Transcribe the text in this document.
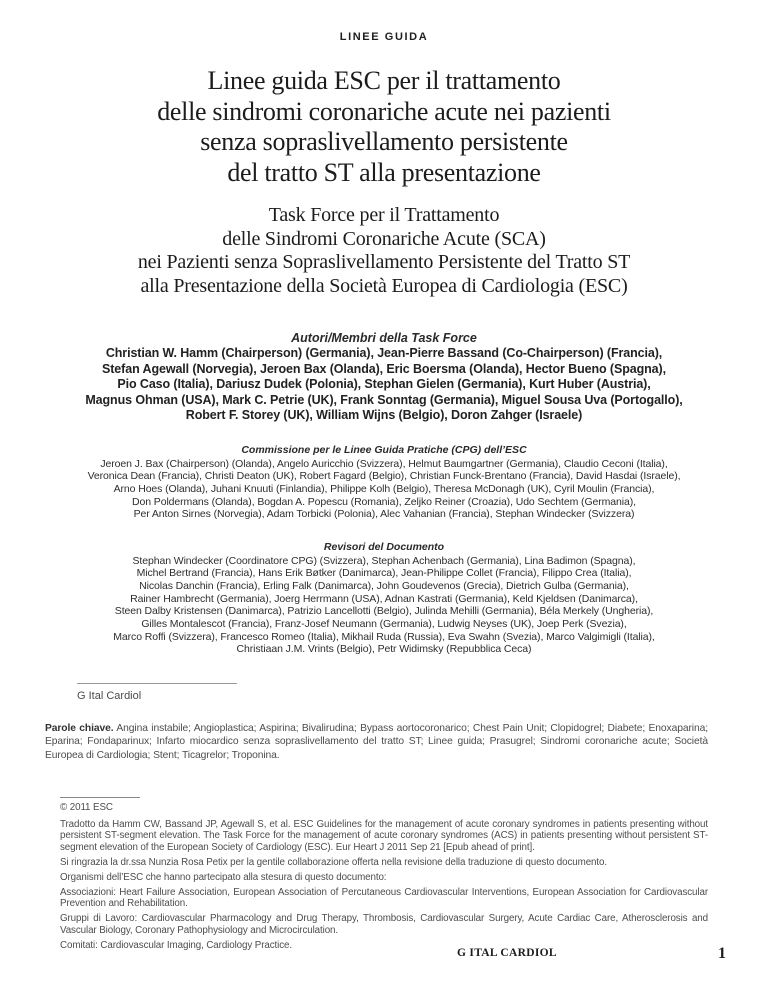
LINEE GUIDA
Linee guida ESC per il trattamento
delle sindromi coronariche acute nei pazienti
senza sopraslivellamento persistente
del tratto ST alla presentazione
Task Force per il Trattamento
delle Sindromi Coronariche Acute (SCA)
nei Pazienti senza Sopraslivellamento Persistente del Tratto ST
alla Presentazione della Società Europea di Cardiologia (ESC)
Autori/Membri della Task Force
Christian W. Hamm (Chairperson) (Germania), Jean-Pierre Bassand (Co-Chairperson) (Francia),
Stefan Agewall (Norvegia), Jeroen Bax (Olanda), Eric Boersma (Olanda), Hector Bueno (Spagna),
Pio Caso (Italia), Dariusz Dudek (Polonia), Stephan Gielen (Germania), Kurt Huber (Austria),
Magnus Ohman (USA), Mark C. Petrie (UK), Frank Sonntag (Germania), Miguel Sousa Uva (Portogallo),
Robert F. Storey (UK), William Wijns (Belgio), Doron Zahger (Israele)
Commissione per le Linee Guida Pratiche (CPG) dell’ESC
Jeroen J. Bax (Chairperson) (Olanda), Angelo Auricchio (Svizzera), Helmut Baumgartner (Germania), Claudio Ceconi (Italia),
Veronica Dean (Francia), Christi Deaton (UK), Robert Fagard (Belgio), Christian Funck-Brentano (Francia), David Hasdai (Israele),
Arno Hoes (Olanda), Juhani Knuuti (Finlandia), Philippe Kolh (Belgio), Theresa McDonagh (UK), Cyril Moulin (Francia),
Don Poldermans (Olanda), Bogdan A. Popescu (Romania), Zeljko Reiner (Croazia), Udo Sechtem (Germania),
Per Anton Sirnes (Norvegia), Adam Torbicki (Polonia), Alec Vahanian (Francia), Stephan Windecker (Svizzera)
Revisori del Documento
Stephan Windecker (Coordinatore CPG) (Svizzera), Stephan Achenbach (Germania), Lina Badimon (Spagna),
Michel Bertrand (Francia), Hans Erik Bøtker (Danimarca), Jean-Philippe Collet (Francia), Filippo Crea (Italia),
Nicolas Danchin (Francia), Erling Falk (Danimarca), John Goudevenos (Grecia), Dietrich Gulba (Germania),
Rainer Hambrecht (Germania), Joerg Herrmann (USA), Adnan Kastrati (Germania), Keld Kjeldsen (Danimarca),
Steen Dalby Kristensen (Danimarca), Patrizio Lancellotti (Belgio), Julinda Mehilli (Germania), Béla Merkely (Ungheria),
Gilles Montalescot (Francia), Franz-Josef Neumann (Germania), Ludwig Neyses (UK), Joep Perk (Svezia),
Marco Roffi (Svizzera), Francesco Romeo (Italia), Mikhail Ruda (Russia), Eva Swahn (Svezia), Marco Valgimigli (Italia),
Christiaan J.M. Vrints (Belgio), Petr Widimsky (Repubblica Ceca)
G Ital Cardiol

Parole chiave. Angina instabile; Angioplastica; Aspirina; Bivalirudina; Bypass aortocoronarico; Chest Pain Unit; Clopidogrel; Diabete; Enoxaparina; Eparina; Fondaparinux; Infarto miocardico senza sopraslivellamento del tratto ST; Linee guida; Prasugrel; Sindromi coronariche acute; Società Europea di Cardiologia; Stent; Ticagrelor; Troponina.

© 2011 ESC

Tradotto da Hamm CW, Bassand JP, Agewall S, et al. ESC Guidelines for the management of acute coronary syndromes in patients presenting without persistent ST-segment elevation. The Task Force for the management of acute coronary syndromes (ACS) in patients presenting without persistent ST-segment elevation of the European Society of Cardiology (ESC). Eur Heart J 2011 Sep 21 [Epub ahead of print].

Si ringrazia la dr.ssa Nunzia Rosa Petix per la gentile collaborazione offerta nella revisione della traduzione di questo documento.

Organismi dell’ESC che hanno partecipato alla stesura di questo documento:

Associazioni: Heart Failure Association, European Association of Percutaneous Cardiovascular Interventions, European Association for Cardiovascular Prevention and Rehabilitation.

Gruppi di Lavoro: Cardiovascular Pharmacology and Drug Therapy, Thrombosis, Cardiovascular Surgery, Acute Cardiac Care, Atherosclerosis and Vascular Biology, Coronary Pathophysiology and Microcirculation.

Comitati: Cardiovascular Imaging, Cardiology Practice.

G ITAL CARDIOL	1
